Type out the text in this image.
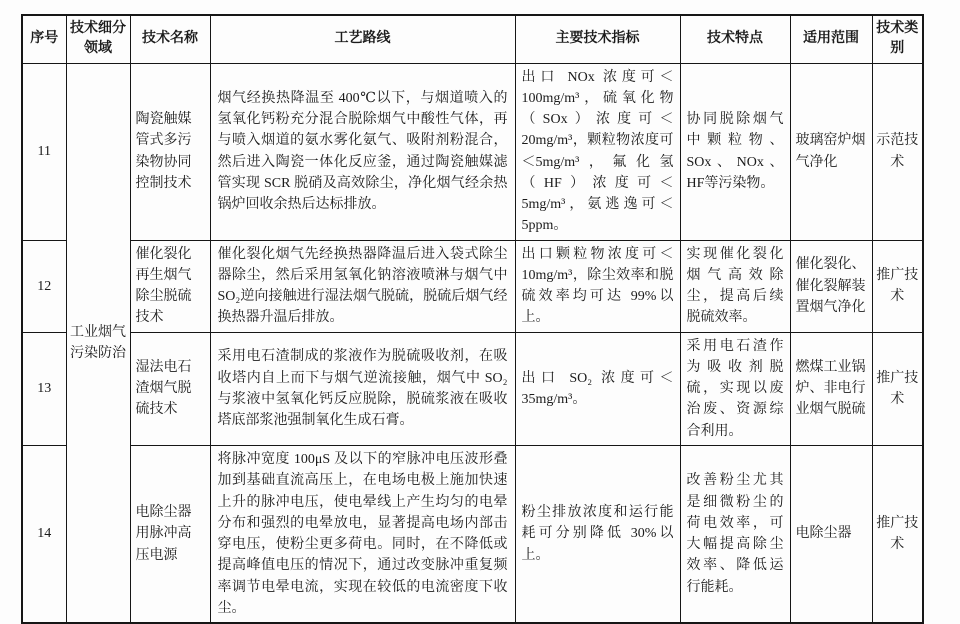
序号	技术细分领域	技术名称	工艺路线	主要技术指标	技术特点	适用范围	技术类别
11	工业烟气污染防治	陶瓷触媒管式多污染物协同控制技术	烟气经换热降温至 400℃以下，与烟道喷入的氢氧化钙粉充分混合脱除烟气中酸性气体，再与喷入烟道的氨水雾化氨气、吸附剂粉混合，然后进入陶瓷一体化反应釜，通过陶瓷触媒滤管实现 SCR 脱硝及高效除尘，净化烟气经余热锅炉回收余热后达标排放。	出口 NOx 浓度可＜100mg/m³，硫氧化物（SOx）浓度可＜20mg/m³，颗粒物浓度可＜5mg/m³，氟化氢（HF）浓度可＜5mg/m³，氨逃逸可＜5ppm。	协同脱除烟气中颗粒物、SOx、NOx、HF等污染物。	玻璃窑炉烟气净化	示范技术
12		催化裂化再生烟气除尘脱硫技术	催化裂化烟气先经换热器降温后进入袋式除尘器除尘，然后采用氢氧化钠溶液喷淋与烟气中SO₂逆向接触进行湿法烟气脱硫，脱硫后烟气经换热器升温后排放。	出口颗粒物浓度可＜10mg/m³，除尘效率和脱硫效率均可达 99%以上。	实现催化裂化烟气高效除尘，提高后续脱硫效率。	催化裂化、催化裂解装置烟气净化	推广技术
13		湿法电石渣烟气脱硫技术	采用电石渣制成的浆液作为脱硫吸收剂，在吸收塔内自上而下与烟气逆流接触，烟气中 SO₂ 与浆液中氢氧化钙反应脱除，脱硫浆液在吸收塔底部浆池强制氧化生成石膏。	出口 SO₂ 浓度可＜35mg/m³。	采用电石渣作为吸收剂脱硫，实现以废治废、资源综合利用。	燃煤工业锅炉、非电行业烟气脱硫	推广技术
14		电除尘器用脉冲高压电源	将脉冲宽度 100μS 及以下的窄脉冲电压波形叠加到基础直流高压上，在电场电极上施加快速上升的脉冲电压，使电晕线上产生均匀的电晕分布和强烈的电晕放电，显著提高电场内部击穿电压，使粉尘更多荷电。同时，在不降低或提高峰值电压的情况下，通过改变脉冲重复频率调节电晕电流，实现在较低的电流密度下收尘。	粉尘排放浓度和运行能耗可分别降低 30%以上。	改善粉尘尤其是细微粉尘的荷电效率，可大幅提高除尘效率、降低运行能耗。	电除尘器	推广技术
